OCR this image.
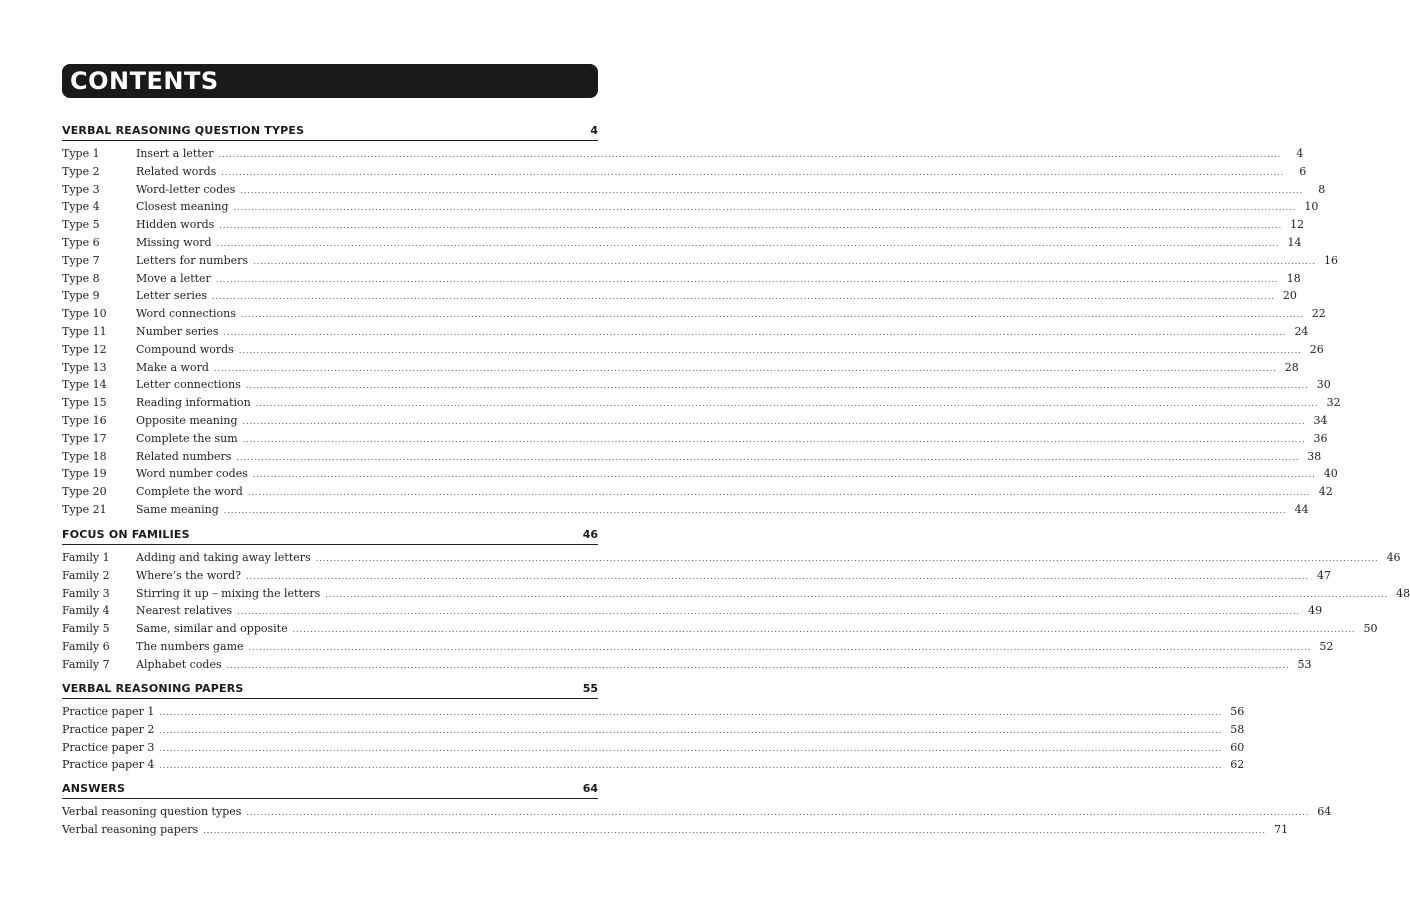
CONTENTS
VERBAL REASONING QUESTION TYPES	4
Type 1	Insert a letter ............................................................................................................................................................................................................................................................................................................	4
Type 2	Related words ............................................................................................................................................................................................................................................................................................................	6
Type 3	Word-letter codes ............................................................................................................................................................................................................................................................................................................	8
Type 4	Closest meaning ............................................................................................................................................................................................................................................................................................................ 10
Type 5	Hidden words ............................................................................................................................................................................................................................................................................................................ 12
Type 6	Missing word ............................................................................................................................................................................................................................................................................................................ 14
Type 7	Letters for numbers ............................................................................................................................................................................................................................................................................................................ 16
Type 8	Move a letter ............................................................................................................................................................................................................................................................................................................ 18
Type 9	Letter series ............................................................................................................................................................................................................................................................................................................ 20
Type 10	Word connections ............................................................................................................................................................................................................................................................................................................ 22
Type 11	Number series ............................................................................................................................................................................................................................................................................................................ 24
Type 12	Compound words ............................................................................................................................................................................................................................................................................................................ 26
Type 13	Make a word ............................................................................................................................................................................................................................................................................................................ 28
Type 14	Letter connections ............................................................................................................................................................................................................................................................................................................ 30
Type 15	Reading information ............................................................................................................................................................................................................................................................................................................ 32
Type 16	Opposite meaning ............................................................................................................................................................................................................................................................................................................ 34
Type 17	Complete the sum ............................................................................................................................................................................................................................................................................................................ 36
Type 18	Related numbers ............................................................................................................................................................................................................................................................................................................ 38
Type 19	Word number codes ............................................................................................................................................................................................................................................................................................................ 40
Type 20	Complete the word ............................................................................................................................................................................................................................................................................................................ 42
Type 21	Same meaning ............................................................................................................................................................................................................................................................................................................ 44
FOCUS ON FAMILIES	46
Family 1	Adding and taking away letters ............................................................................................................................................................................................................................................................................................................ 46
Family 2	Where’s the word? ............................................................................................................................................................................................................................................................................................................ 47
Family 3	Stirring it up – mixing the letters ............................................................................................................................................................................................................................................................................................................ 48
Family 4	Nearest relatives ............................................................................................................................................................................................................................................................................................................ 49
Family 5	Same, similar and opposite ............................................................................................................................................................................................................................................................................................................ 50
Family 6	The numbers game ............................................................................................................................................................................................................................................................................................................ 52
Family 7	Alphabet codes ............................................................................................................................................................................................................................................................................................................ 53
VERBAL REASONING PAPERS	55
Practice paper 1 ............................................................................................................................................................................................................................................................................................................ 56
Practice paper 2 ............................................................................................................................................................................................................................................................................................................ 58
Practice paper 3 ............................................................................................................................................................................................................................................................................................................ 60
Practice paper 4 ............................................................................................................................................................................................................................................................................................................ 62
ANSWERS	64
Verbal reasoning question types ............................................................................................................................................................................................................................................................................................................ 64
Verbal reasoning papers ............................................................................................................................................................................................................................................................................................................ 71
